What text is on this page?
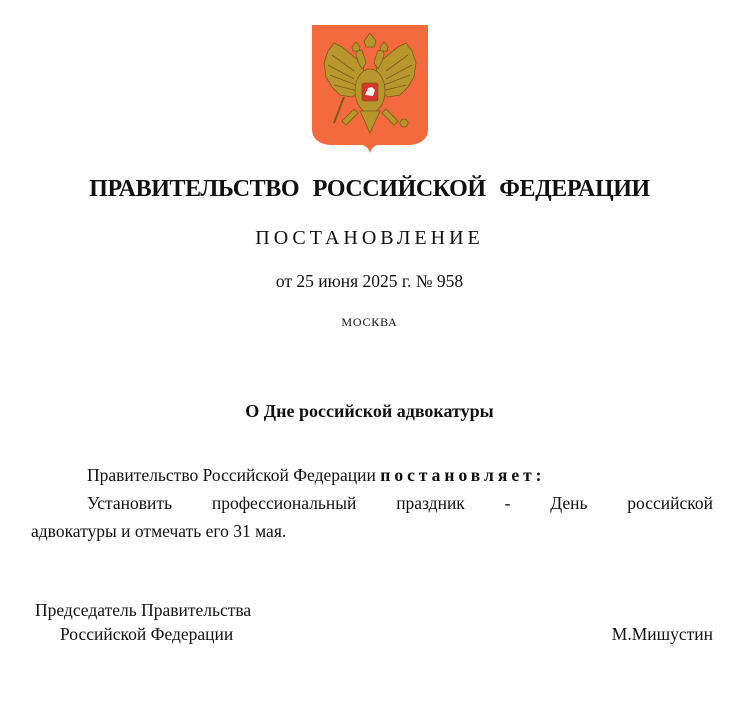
ПРАВИТЕЛЬСТВО РОССИЙСКОЙ ФЕДЕРАЦИИ
ПОСТАНОВЛЕНИЕ
от 25 июня 2025 г. № 958
МОСКВА
О Дне российской адвокатуры
Правительство Российской Федерации постановляет:
Установить профессиональный праздник - День российской
адвокатуры и отмечать его 31 мая.
Председатель Правительства
Российской Федерации	М.Мишустин
